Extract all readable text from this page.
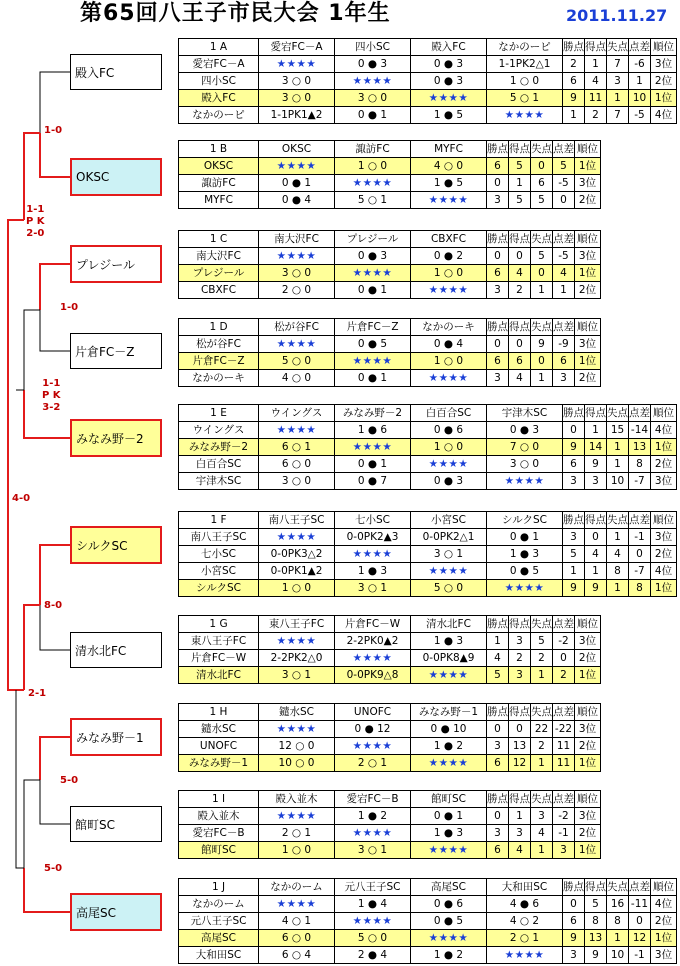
第65回八王子市民大会 1年生	2011.11.27
殿入FC
OKSC
プレジール
片倉FC－Z
みなみ野－2
シルクSC
清水北FC
みなみ野－1
館町SC
高尾SC
1-0
1-1
P K
2-0
1-0
1-1
P K
3-2
4-0
8-0
2-1
5-0
5-0
1 A	愛宕FC－A	四小SC	殿入FC	なかのーピ	勝点	得点	失点	点差	順位
愛宕FC－A	★★★★	0 ● 3	0 ● 3	1-1PK2△1	2	1	7	-6	3位
四小SC	3 ○ 0	★★★★	0 ● 3	1 ○ 0	6	4	3	1	2位
殿入FC	3 ○ 0	3 ○ 0	★★★★	5 ○ 1	9	11	1	10	1位
なかのーピ	1-1PK1▲2	0 ● 1	1 ● 5	★★★★	1	2	7	-5	4位
1 B	OKSC	諏訪FC	MYFC	勝点	得点	失点	点差	順位
OKSC	★★★★	1 ○ 0	4 ○ 0	6	5	0	5	1位
諏訪FC	0 ● 1	★★★★	1 ● 5	0	1	6	-5	3位
MYFC	0 ● 4	5 ○ 1	★★★★	3	5	5	0	2位
1 C	南大沢FC	プレジール	CBXFC	勝点	得点	失点	点差	順位
南大沢FC	★★★★	0 ● 3	0 ● 2	0	0	5	-5	3位
プレジール	3 ○ 0	★★★★	1 ○ 0	6	4	0	4	1位
CBXFC	2 ○ 0	0 ● 1	★★★★	3	2	1	1	2位
1 D	松が谷FC	片倉FC－Z	なかのーキ	勝点	得点	失点	点差	順位
松が谷FC	★★★★	0 ● 5	0 ● 4	0	0	9	-9	3位
片倉FC－Z	5 ○ 0	★★★★	1 ○ 0	6	6	0	6	1位
なかのーキ	4 ○ 0	0 ● 1	★★★★	3	4	1	3	2位
1 E	ウイングス	みなみ野－2	白百合SC	宇津木SC	勝点	得点	失点	点差	順位
ウイングス	★★★★	1 ● 6	0 ● 6	0 ● 3	0	1	15	-14	4位
みなみ野－2	6 ○ 1	★★★★	1 ○ 0	7 ○ 0	9	14	1	13	1位
白百合SC	6 ○ 0	0 ● 1	★★★★	3 ○ 0	6	9	1	8	2位
宇津木SC	3 ○ 0	0 ● 7	0 ● 3	★★★★	3	3	10	-7	3位
1 F	南八王子SC	七小SC	小宮SC	シルクSC	勝点	得点	失点	点差	順位
南八王子SC	★★★★	0-0PK2▲3	0-0PK2△1	0 ● 1	3	0	1	-1	3位
七小SC	0-0PK3△2	★★★★	3 ○ 1	1 ● 3	5	4	4	0	2位
小宮SC	0-0PK1▲2	1 ● 3	★★★★	0 ● 5	1	1	8	-7	4位
シルクSC	1 ○ 0	3 ○ 1	5 ○ 0	★★★★	9	9	1	8	1位
1 G	東八王子FC	片倉FC－W	清水北FC	勝点	得点	失点	点差	順位
東八王子FC	★★★★	2-2PK0▲2	1 ● 3	1	3	5	-2	3位
片倉FC－W	2-2PK2△0	★★★★	0-0PK8▲9	4	2	2	0	2位
清水北FC	3 ○ 1	0-0PK9△8	★★★★	5	3	1	2	1位
1 H	鑓水SC	UNOFC	みなみ野－1	勝点	得点	失点	点差	順位
鑓水SC	★★★★	0 ● 12	0 ● 10	0	0	22	-22	3位
UNOFC	12 ○ 0	★★★★	1 ● 2	3	13	2	11	2位
みなみ野－1	10 ○ 0	2 ○ 1	★★★★	6	12	1	11	1位
1 I	殿入並木	愛宕FC－B	館町SC	勝点	得点	失点	点差	順位
殿入並木	★★★★	1 ● 2	0 ● 1	0	1	3	-2	3位
愛宕FC－B	2 ○ 1	★★★★	1 ● 3	3	3	4	-1	2位
館町SC	1 ○ 0	3 ○ 1	★★★★	6	4	1	3	1位
1 J	なかのーム	元八王子SC	高尾SC	大和田SC	勝点	得点	失点	点差	順位
なかのーム	★★★★	1 ● 4	0 ● 6	4 ● 6	0	5	16	-11	4位
元八王子SC	4 ○ 1	★★★★	0 ● 5	4 ○ 2	6	8	8	0	2位
高尾SC	6 ○ 0	5 ○ 0	★★★★	2 ○ 1	9	13	1	12	1位
大和田SC	6 ○ 4	2 ● 4	1 ● 2	★★★★	3	9	10	-1	3位
